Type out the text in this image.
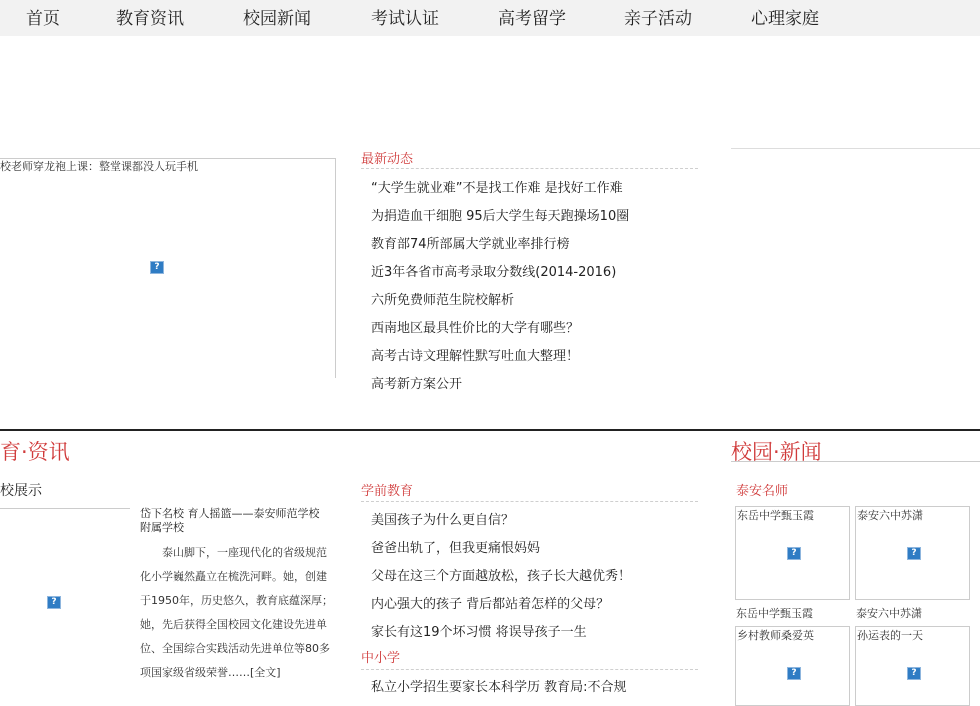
首页	教育资讯	校园新闻	考试认证	高考留学	亲子活动	心理家庭
校老师穿龙袍上课：整堂课都没人玩手机
?
最新动态
“大学生就业难”不是找工作难 是找好工作难
为捐造血干细胞 95后大学生每天跑操场10圈
教育部74所部属大学就业率排行榜
近3年各省市高考录取分数线(2014-2016)
六所免费师范生院校解析
西南地区最具性价比的大学有哪些？
高考古诗文理解性默写吐血大整理！
高考新方案公开
育·资讯
校展示
?
岱下名校 育人摇篮——泰安师范学校附属学校
泰山脚下，一座现代化的省级规范化小学巍然矗立在梳洗河畔。她，创建于1950年，历史悠久，教育底蕴深厚；她，先后获得全国校园文化建设先进单位、全国综合实践活动先进单位等80多项国家级省级荣誉……[全文]
学前教育
美国孩子为什么更自信？
爸爸出轨了，但我更痛恨妈妈
父母在这三个方面越放松，孩子长大越优秀！
内心强大的孩子 背后都站着怎样的父母？
家长有这19个坏习惯 将误导孩子一生
中小学
私立小学招生要家长本科学历 教育局:不合规
校园·新闻
泰安名师
东岳中学甄玉霞
?
泰安六中苏潇
?
东岳中学甄玉霞	泰安六中苏潇
乡村教师桑爱英
?
孙运表的一天
?
